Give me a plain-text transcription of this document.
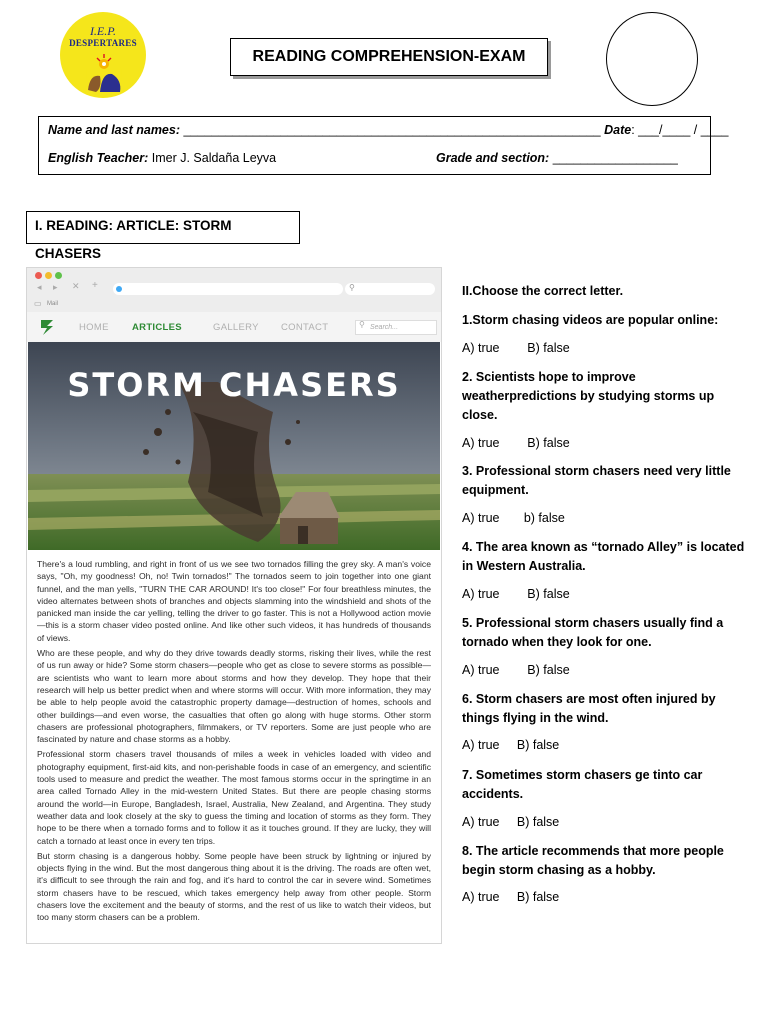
I.E.P.
DESPERTARES
READING COMPREHENSION-EXAM
Name and last names: ____________________________________________________________ Date: ___/____ / ____
English Teacher: Imer J. Saldaña Leyva	Grade and section: __________________
I. READING: ARTICLE: STORM CHASERS
◂ ▸ ✕ +	⚲
▭ Mail
HOME ARTICLES	GALLERY CONTACT	Search...
⚲
STORM CHASERS

There's a loud rumbling, and right in front of us we see two tornados filling the grey sky. A man's voice says, "Oh, my goodness! Oh, no! Twin tornados!" The tornados seem to join together into one giant funnel, and the man yells, "TURN THE CAR AROUND! It's too close!" For four breathless minutes, the video alternates between shots of branches and objects slamming into the windshield and shots of the panicked man inside the car yelling, telling the driver to go faster. This is not a Hollywood action movie—this is a storm chaser video posted online. And like other such videos, it has hundreds of thousands of views.

Who are these people, and why do they drive towards deadly storms, risking their lives, while the rest of us run away or hide? Some storm chasers—people who get as close to severe storms as possible—are scientists who want to learn more about storms and how they develop. They hope that their research will help us better predict when and where storms will occur. With more information, they may be able to help people avoid the catastrophic property damage—destruction of homes, schools and other buildings—and even worse, the casualties that often go along with huge storms. Other storm chasers are professional photographers, filmmakers, or TV reporters. Some are just people who are fascinated by nature and chase storms as a hobby.

Professional storm chasers travel thousands of miles a week in vehicles loaded with video and photography equipment, first-aid kits, and non-perishable foods in case of an emergency, and scientific tools used to measure and predict the weather. The most famous storms occur in the springtime in an area called Tornado Alley in the mid-western United States. But there are people chasing storms around the world—in Europe, Bangladesh, Israel, Australia, New Zealand, and Argentina. They study weather data and look closely at the sky to guess the timing and location of storms as they form. They hope to be there when a tornado forms and to follow it as it touches ground. If they are lucky, they will catch a tornado at least once in every ten trips.

But storm chasing is a dangerous hobby. Some people have been struck by lightning or injured by objects flying in the wind. But the most dangerous thing about it is the driving. The roads are often wet, it's difficult to see through the rain and fog, and it's hard to control the car in severe wind. Sometimes storm chasers have to be rescued, which takes emergency help away from other people. Storm chasers love the excitement and the beauty of storms, and the rest of us like to watch their videos, but too many storm chasers can be a problem.

II.Choose the correct letter.
1.Storm chasing videos are popular online:
A) true        B) false
2. Scientists hope to improve weatherpredictions by studying storms up close.
A) true        B) false
3. Professional storm chasers need very little equipment.
A) true       b) false
4. The area known as “tornado Alley” is located in Western Australia.
A) true        B) false
5. Professional storm chasers usually find a tornado when they look for one.
A) true        B) false
6. Storm chasers are most often injured by things flying in the wind.
A) true     B) false
7. Sometimes storm chasers ge tinto car accidents.
A) true     B) false
8. The article recommends that more people begin storm chasing as a hobby.
A) true     B) false
